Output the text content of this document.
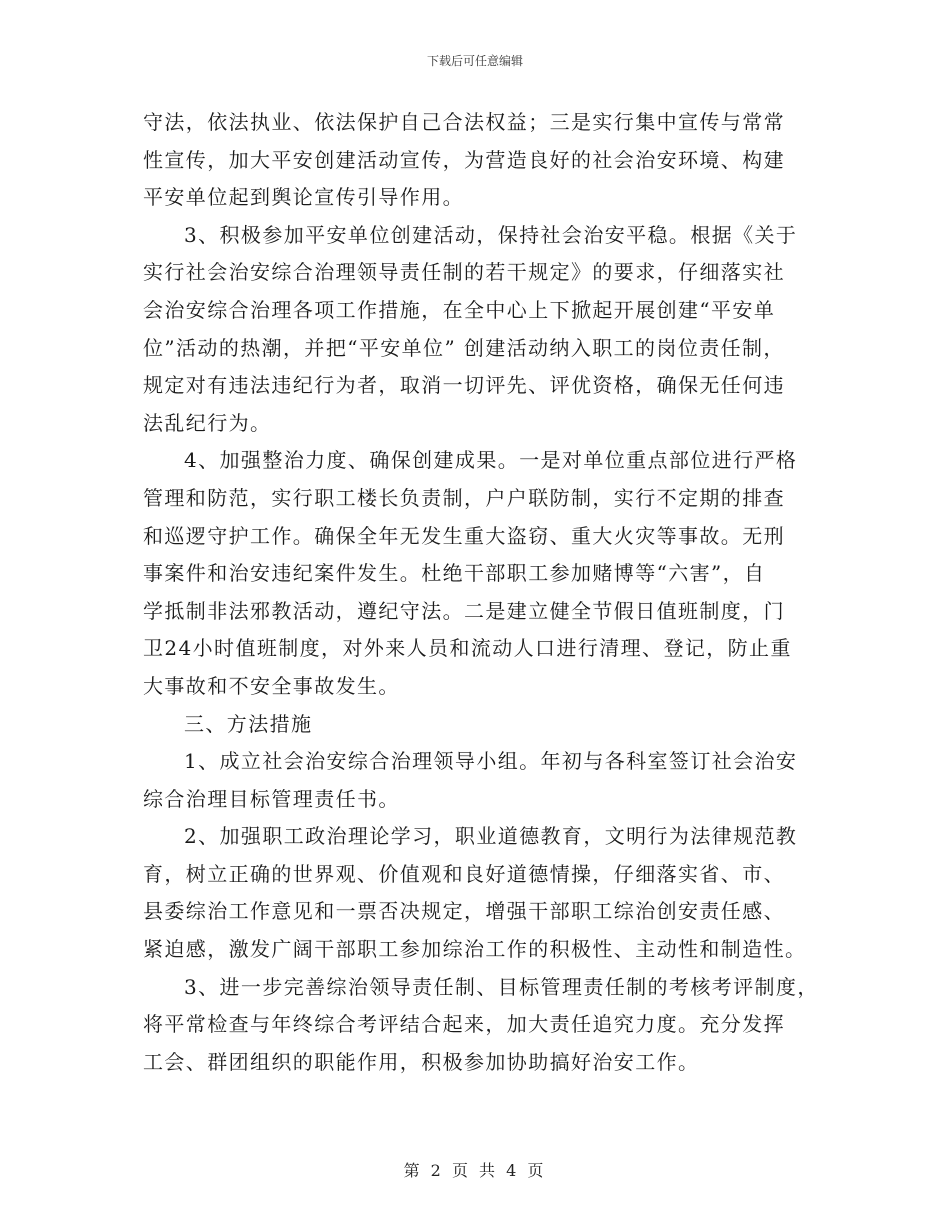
下载后可任意编辑
守法，依法执业、依法保护自己合法权益；三是实行集中宣传与常常
性宣传，加大平安创建活动宣传，为营造良好的社会治安环境、构建
平安单位起到舆论宣传引导作用。
3、积极参加平安单位创建活动，保持社会治安平稳。根据《关于
实行社会治安综合治理领导责任制的若干规定》的要求，仔细落实社
会治安综合治理各项工作措施，在全中心上下掀起开展创建“平安单
位”活动的热潮，并把“平安单位” 创建活动纳入职工的岗位责任制，
规定对有违法违纪行为者，取消一切评先、评优资格，确保无任何违
法乱纪行为。
4、加强整治力度、确保创建成果。一是对单位重点部位进行严格
管理和防范，实行职工楼长负责制，户户联防制，实行不定期的排查
和巡逻守护工作。确保全年无发生重大盗窃、重大火灾等事故。无刑
事案件和治安违纪案件发生。杜绝干部职工参加赌博等“六害”，自
学抵制非法邪教活动，遵纪守法。二是建立健全节假日值班制度，门
卫24小时值班制度，对外来人员和流动人口进行清理、登记，防止重
大事故和不安全事故发生。
三、方法措施
1、成立社会治安综合治理领导小组。年初与各科室签订社会治安
综合治理目标管理责任书。
2、加强职工政治理论学习，职业道德教育，文明行为法律规范教
育，树立正确的世界观、价值观和良好道德情操，仔细落实省、市、
县委综治工作意见和一票否决规定，增强干部职工综治创安责任感、
紧迫感，激发广阔干部职工参加综治工作的积极性、主动性和制造性。
3、进一步完善综治领导责任制、目标管理责任制的考核考评制度，
将平常检查与年终综合考评结合起来，加大责任追究力度。充分发挥
工会、群团组织的职能作用，积极参加协助搞好治安工作。
第 2 页 共 4 页
